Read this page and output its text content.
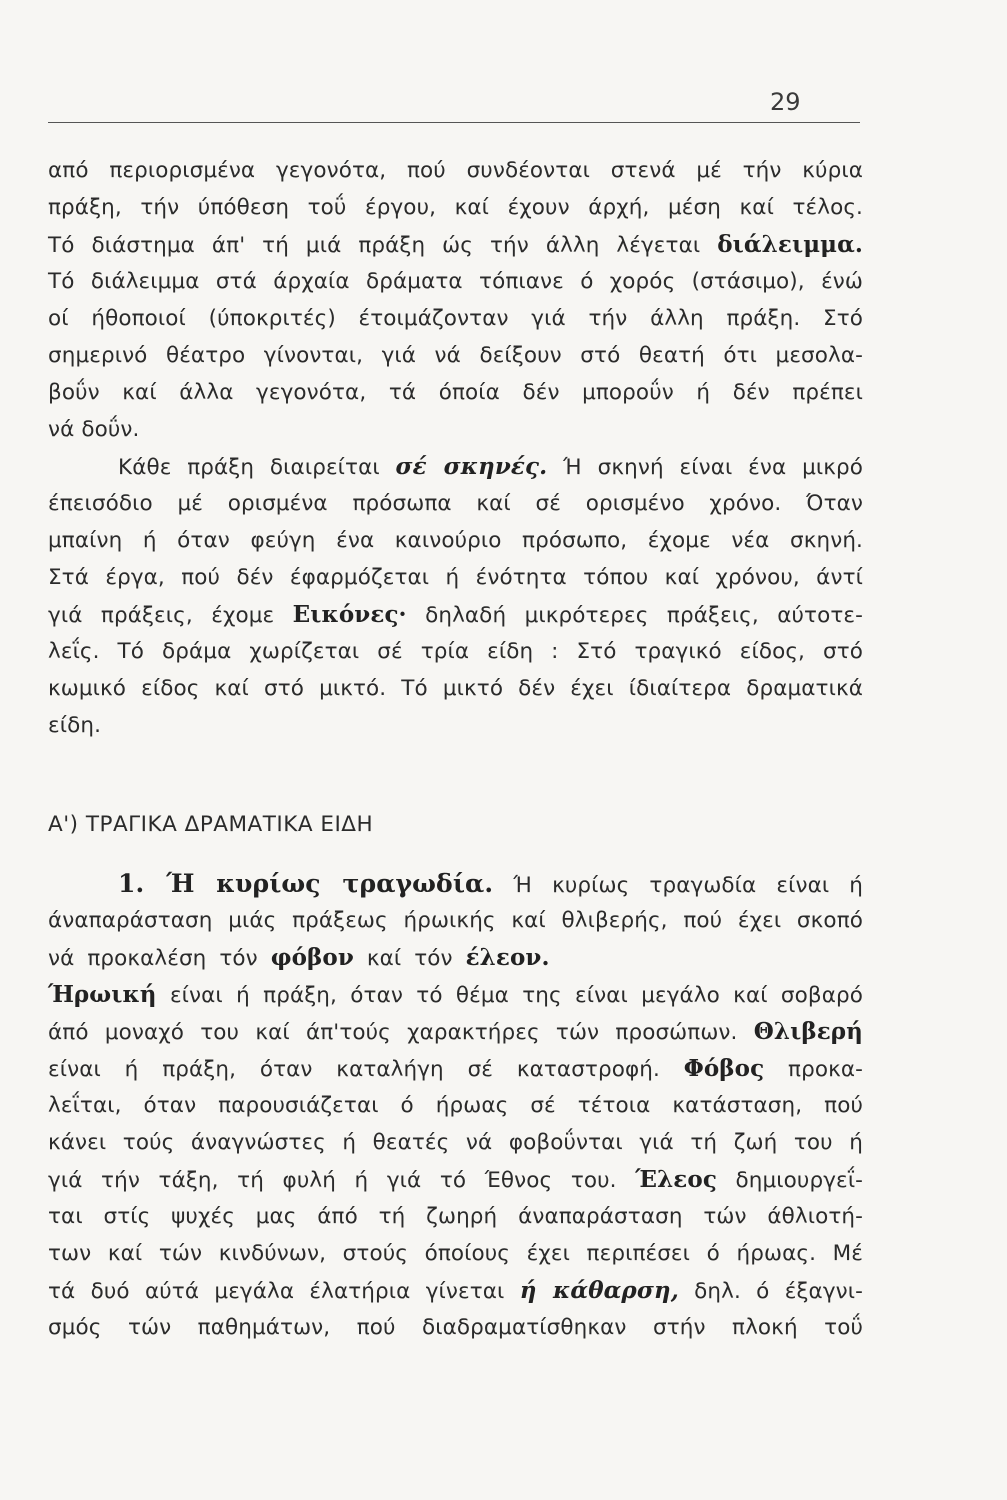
29
από περιορισμένα γεγονότα, πού συνδέονται στενά μέ τήν κύρια
πράξη, τήν ύπόθεση τοΰ έργου, καί έχουν άρχή, μέση καί τέλος.
Τό διάστημα άπ' τή μιά πράξη ώς τήν άλλη λέγεται διάλειμμα.
Τό διάλειμμα στά άρχαία δράματα τόπιανε ό χορός (στάσιμο), ένώ
οί ήθοποιοί (ύποκριτές) έτοιμάζονταν γιά τήν άλλη πράξη. Στό
σημερινό θέατρο γίνονται, γιά νά δείξουν στό θεατή ότι μεσολα-
βοΰν καί άλλα γεγονότα, τά όποία δέν μποροΰν ή δέν πρέπει
νά δοΰν.
Κάθε πράξη διαιρείται σέ σκηνές. Ή σκηνή είναι ένα μικρό
έπεισόδιο μέ ορισμένα πρόσωπα καί σέ ορισμένο χρόνο. Όταν
μπαίνη ή όταν φεύγη ένα καινούριο πρόσωπο, έχομε νέα σκηνή.
Στά έργα, πού δέν έφαρμόζεται ή ένότητα τόπου καί χρόνου, άντί
γιά πράξεις, έχομε Εικόνες· δηλαδή μικρότερες πράξεις, αύτοτε-
λεΐς. Τό δράμα χωρίζεται σέ τρία είδη : Στό τραγικό είδος, στό
κωμικό είδος καί στό μικτό. Τό μικτό δέν έχει ίδιαίτερα δραματικά
είδη.
Α') ΤΡΑΓΙΚΑ ΔΡΑΜΑΤΙΚΑ ΕΙΔΗ
1. Ή κυρίως τραγωδία. Ή κυρίως τραγωδία είναι ή
άναπαράσταση μιάς πράξεως ήρωικής καί θλιβερής, πού έχει σκοπό
νά προκαλέση τόν φόβον καί τόν έλεον.
Ήρωική είναι ή πράξη, όταν τό θέμα της είναι μεγάλο καί σοβαρό
άπό μοναχό του καί άπ'τούς χαρακτήρες τών προσώπων. Θλιβερή
είναι ή πράξη, όταν καταλήγη σέ καταστροφή. Φόβος προκα-
λεΐται, όταν παρουσιάζεται ό ήρωας σέ τέτοια κατάσταση, πού
κάνει τούς άναγνώστες ή θεατές νά φοβοΰνται γιά τή ζωή του ή
γιά τήν τάξη, τή φυλή ή γιά τό Έθνος του. Έλεος δημιουργεΐ-
ται στίς ψυχές μας άπό τή ζωηρή άναπαράσταση τών άθλιοτή-
των καί τών κινδύνων, στούς όποίους έχει περιπέσει ό ήρωας. Μέ
τά δυό αύτά μεγάλα έλατήρια γίνεται ή κάθαρση, δηλ. ό έξαγνι-
σμός τών παθημάτων, πού διαδραματίσθηκαν στήν πλοκή τοΰ
